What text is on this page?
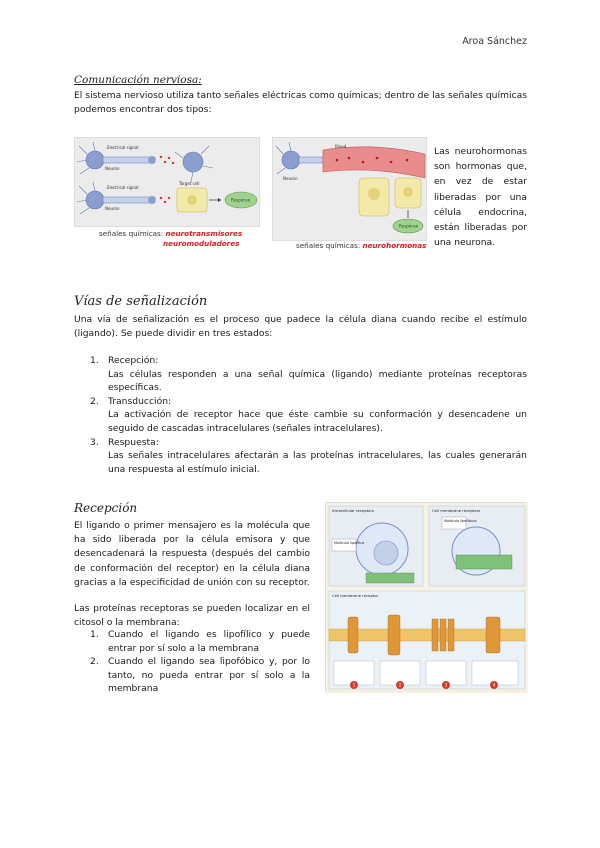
Aroa Sánchez
Comunicación nerviosa:
El sistema nervioso utiliza tanto señales eléctricas como químicas; dentro de las señales químicas podemos encontrar dos tipos:
Electrical signal
Neuron
Electrical signal
Neuron
Target cell
Response
señales químicas: neurotransmisores
neuromoduladores
Neuron
Blood
Response
señales químicas: neurohormonas
Las neurohormonas son hormonas que, en vez de estar liberadas por una célula endocrina, están liberadas por una neurona.
Vías de señalización
Una vía de señalización es el proceso que padece la célula diana cuando recibe el estímulo (ligando). Se puede dividir en tres estados:
1. Recepción:
Las células responden a una señal química (ligando) mediante proteínas receptoras específicas.
2. Transducción:
La activación de receptor hace que éste cambie su conformación y desencadene un seguido de cascadas intracelulares (señales intracelulares).
3. Respuesta:
Las señales intracelulares afectarán a las proteínas intracelulares, las cuales generarán una respuesta al estímulo inicial.
Recepción
El ligando o primer mensajero es la molécula que ha sido liberada por la célula emisora y que desencadenará la respuesta (después del cambio de conformación del receptor) en la célula diana gracias a la especificidad de unión con su receptor.
Las proteínas receptoras se pueden localizar en el citosol o la membrana:
1. Cuando el ligando es lipofílico y puede entrar por sí solo a la membrana
2. Cuando el ligando sea lipofóbico y, por lo tanto, no pueda entrar por sí solo a la membrana
Intracellular receptors
Molécula lipofílica
Cell membrane receptors
Molécula lipofóbica
Cell membrane receptor
1	2	3	4
